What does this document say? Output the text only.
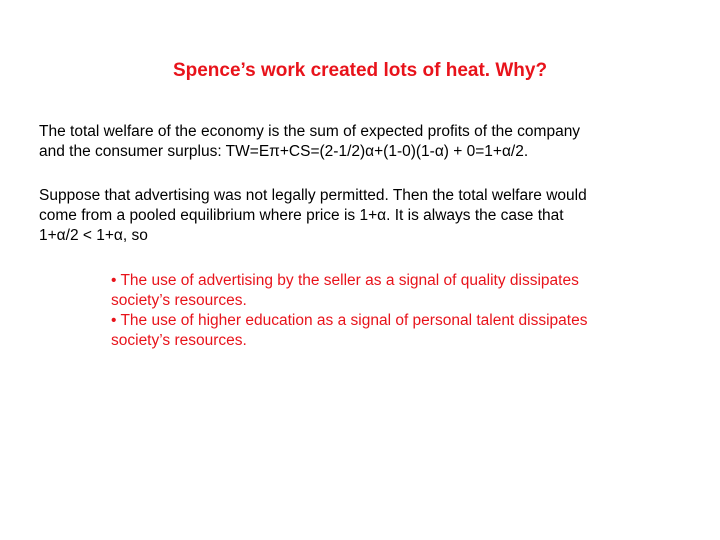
Spence’s work created lots of heat. Why?
The total welfare of the economy is the sum of expected profits of the company
and the consumer surplus: TW=Eπ+CS=(2-1/2)α+(1-0)(1-α) + 0=1+α/2.
Suppose that advertising was not legally permitted. Then the total welfare would
come from a pooled equilibrium where price is 1+α. It is always the case that
1+α/2 < 1+α, so
• The use of advertising by the seller as a signal of quality dissipates
society’s resources.
• The use of higher education as a signal of personal talent dissipates
society’s resources.
